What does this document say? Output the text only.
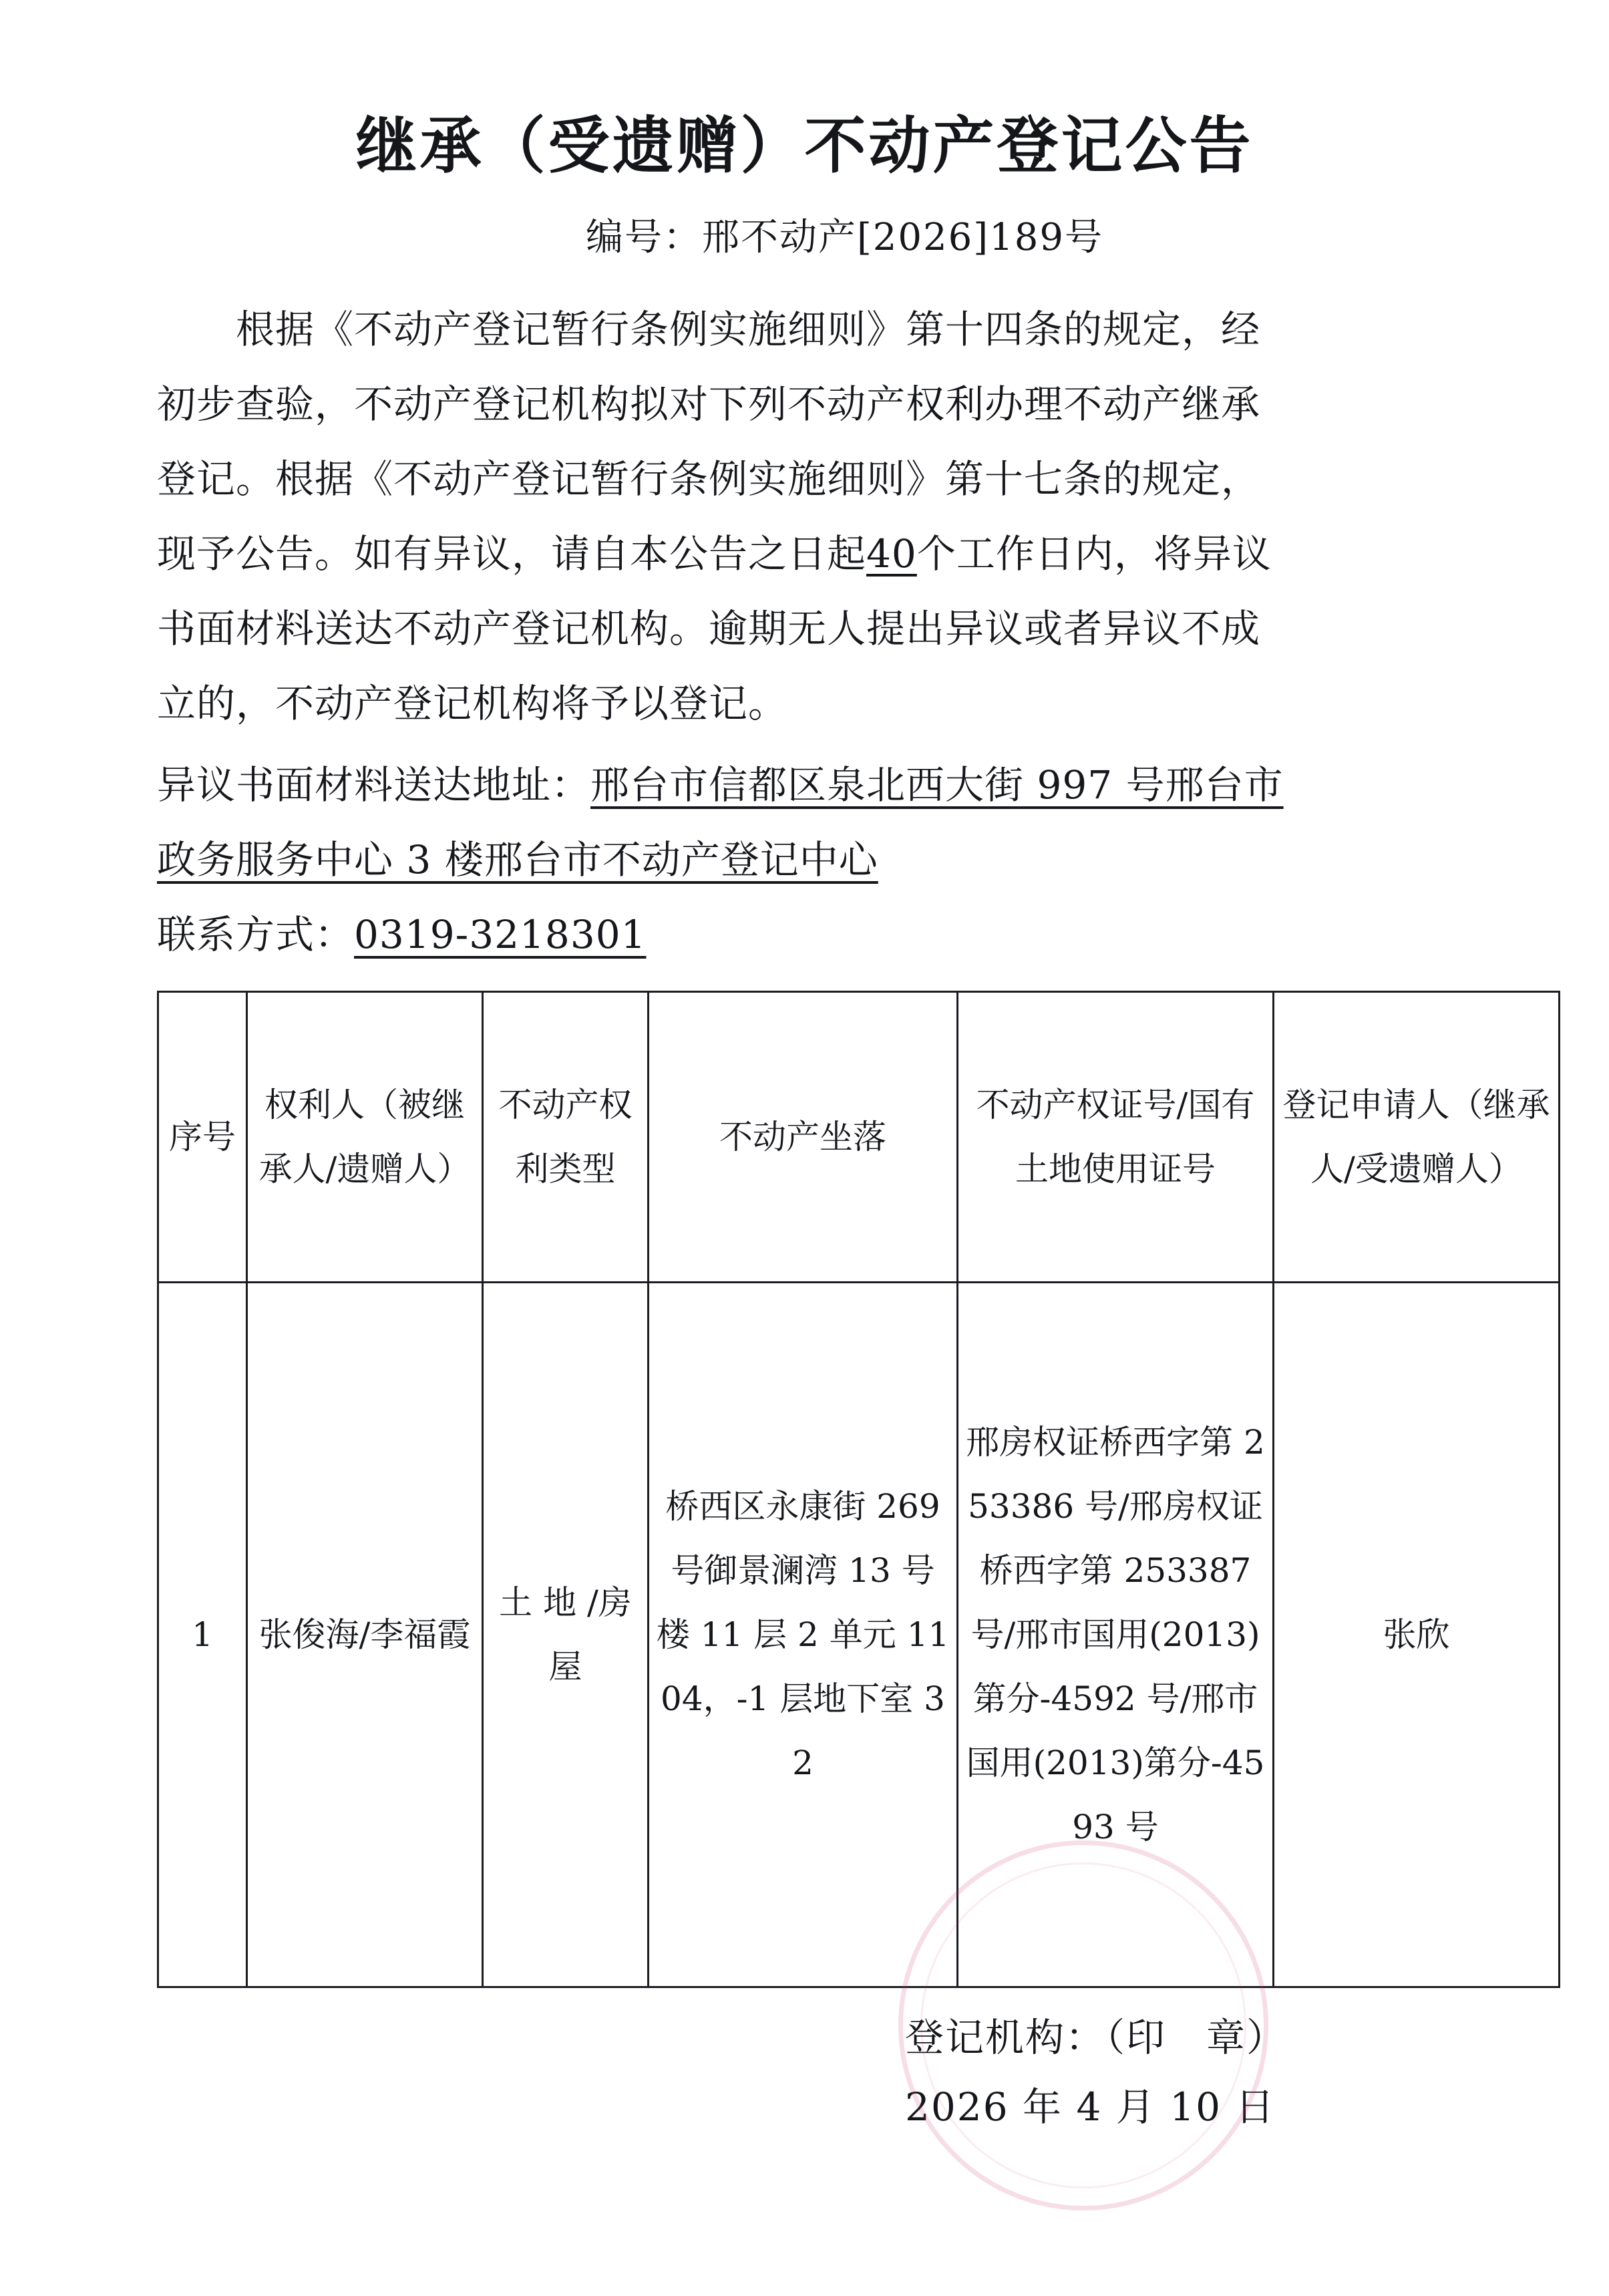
继承（受遗赠）不动产登记公告
编号：邢不动产[2026]189号
根据《不动产登记暂行条例实施细则》第十四条的规定，经
初步查验，不动产登记机构拟对下列不动产权利办理不动产继承
登记。根据《不动产登记暂行条例实施细则》第十七条的规定，
现予公告。如有异议，请自本公告之日起40个工作日内，将异议
书面材料送达不动产登记机构。逾期无人提出异议或者异议不成
立的，不动产登记机构将予以登记。
异议书面材料送达地址：邢台市信都区泉北西大街 997 号邢台市
政务服务中心 3 楼邢台市不动产登记中心
联系方式：0319-3218301
序号	权利人（被继承人/遗赠人）	不动产权利类型	不动产坐落	不动产权证号/国有土地使用证号	登记申请人（继承人/受遗赠人）
1	张俊海/李福霞	土 地 /房屋	桥西区永康街 269 号御景澜湾 13 号楼 11 层 2 单元 1104，-1 层地下室 32	邢房权证桥西字第 253386 号/邢房权证桥西字第 253387 号/邢市国用(2013)第分-4592 号/邢市国用(2013)第分-4593 号	张欣
登记机构：（印　章）
2026 年 4 月 10 日
